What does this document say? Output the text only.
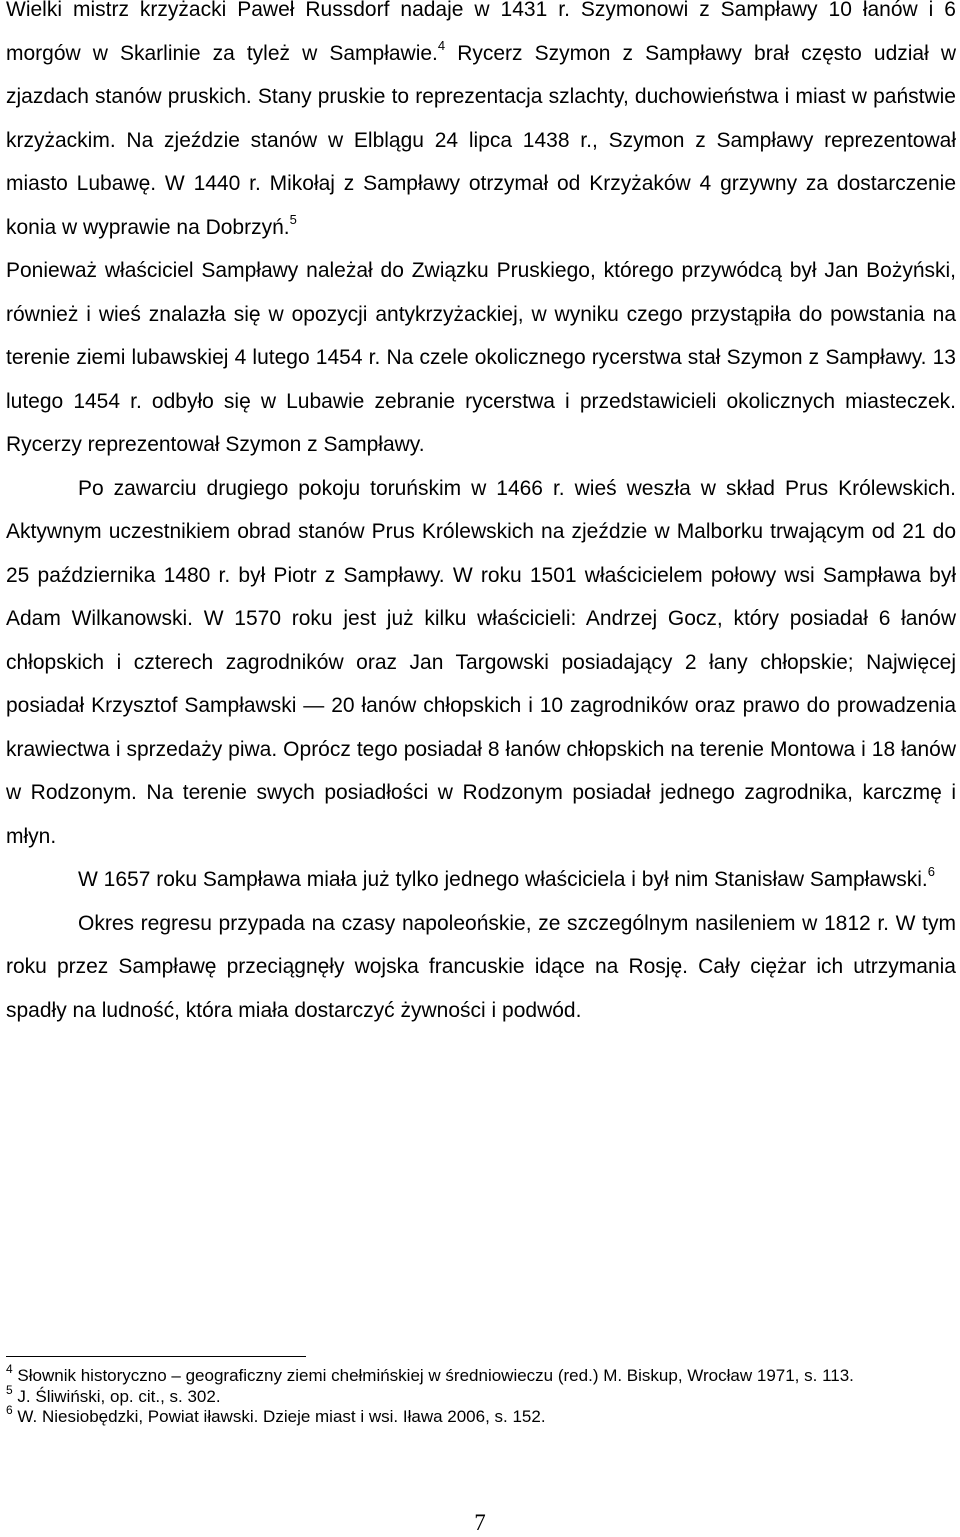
Wielki mistrz krzyżacki Paweł Russdorf nadaje w 1431 r. Szymonowi z Sampławy 10 łanów i 6 morgów w Skarlinie za tyleż w Sampławie.$^4$ Rycerz Szymon z Sampławy brał często udział w zjazdach stanów pruskich. Stany pruskie to reprezentacja szlachty, duchowieństwa i miast w państwie krzyżackim. Na zjeździe stanów w Elblągu 24 lipca 1438 r., Szymon z Sampławy reprezentował miasto Lubawę. W 1440 r. Mikołaj z Sampławy otrzymał od Krzyżaków 4 grzywny za dostarczenie konia w wyprawie na Dobrzyń.$^5$
Ponieważ właściciel Sampławy należał do Związku Pruskiego, którego przywódcą był Jan Bożyński, również i wieś znalazła się w opozycji antykrzyżackiej, w wyniku czego przystąpiła do powstania na terenie ziemi lubawskiej 4 lutego 1454 r. Na czele okolicznego rycerstwa stał Szymon z Sampławy. 13 lutego 1454 r. odbyło się w Lubawie zebranie rycerstwa i przedstawicieli okolicznych miasteczek. Rycerzy reprezentował Szymon z Sampławy.

Po zawarciu drugiego pokoju toruńskim w 1466 r. wieś weszła w skład Prus Królewskich. Aktywnym uczestnikiem obrad stanów Prus Królewskich na zjeździe w Malborku trwającym od 21 do 25 października 1480 r. był Piotr z Sampławy. W roku 1501 właścicielem połowy wsi Sampława był Adam Wilkanowski. W 1570 roku jest już kilku właścicieli: Andrzej Gocz, który posiadał 6 łanów chłopskich i czterech zagrodników oraz Jan Targowski posiadający 2 łany chłopskie; Najwięcej posiadał Krzysztof Sampławski — 20 łanów chłopskich i 10 zagrodników oraz prawo do prowadzenia krawiectwa i sprzedaży piwa. Oprócz tego posiadał 8 łanów chłopskich na terenie Montowa i 18 łanów w Rodzonym. Na terenie swych posiadłości w Rodzonym posiadał jednego zagrodnika, karczmę i młyn.

W 1657 roku Sampława miała już tylko jednego właściciela i był nim Stanisław Sampławski.$^6$

Okres regresu przypada na czasy napoleońskie, ze szczególnym nasileniem w 1812 r. W tym roku przez Sampławę przeciągnęły wojska francuskie idące na Rosję. Cały ciężar ich utrzymania spadły na ludność, która miała dostarczyć żywności i podwód.

$^4$ Słownik historyczno – geograficzny ziemi chełmińskiej w średniowieczu (red.) M. Biskup, Wrocław 1971, s. 113.

$^5$ J. Śliwiński, op. cit., s. 302.

$^6$ W. Niesiobędzki, Powiat iławski. Dzieje miast i wsi. Iława 2006, s. 152.

7
